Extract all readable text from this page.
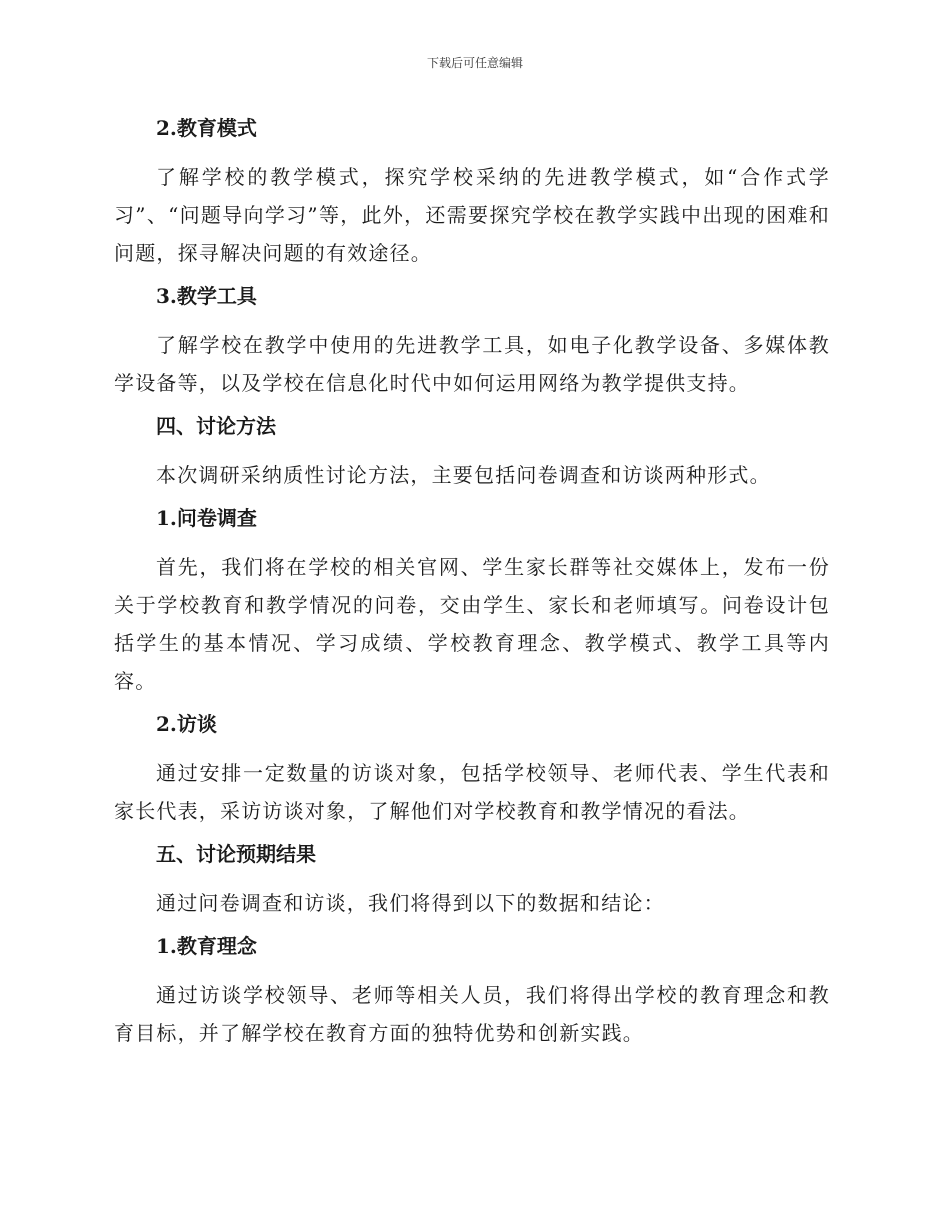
下载后可任意编辑
2.教育模式
了解学校的教学模式，探究学校采纳的先进教学模式，如“合作式学习”、“问题导向学习”等，此外，还需要探究学校在教学实践中出现的困难和问题，探寻解决问题的有效途径。
3.教学工具
了解学校在教学中使用的先进教学工具，如电子化教学设备、多媒体教学设备等，以及学校在信息化时代中如何运用网络为教学提供支持。
四、讨论方法
本次调研采纳质性讨论方法，主要包括问卷调查和访谈两种形式。
1.问卷调查
首先，我们将在学校的相关官网、学生家长群等社交媒体上，发布一份关于学校教育和教学情况的问卷，交由学生、家长和老师填写。问卷设计包括学生的基本情况、学习成绩、学校教育理念、教学模式、教学工具等内容。
2.访谈
通过安排一定数量的访谈对象，包括学校领导、老师代表、学生代表和家长代表，采访访谈对象，了解他们对学校教育和教学情况的看法。
五、讨论预期结果
通过问卷调查和访谈，我们将得到以下的数据和结论：
1.教育理念
通过访谈学校领导、老师等相关人员，我们将得出学校的教育理念和教育目标，并了解学校在教育方面的独特优势和创新实践。
